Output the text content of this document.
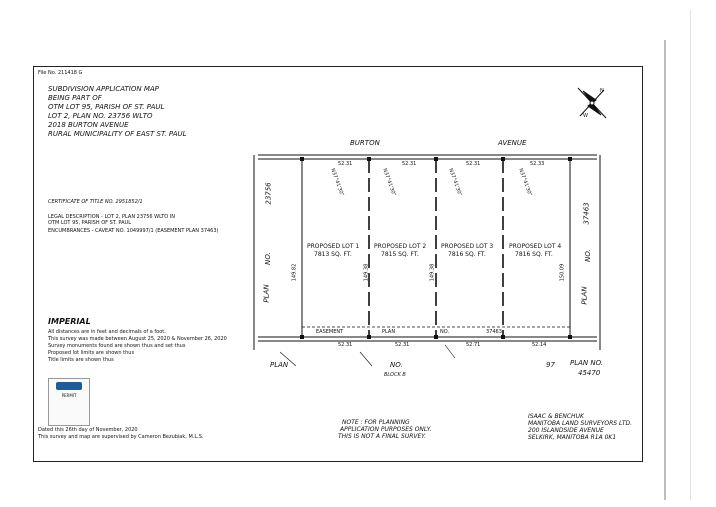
File No. 211418 G
SUBDIVISION APPLICATION MAP
BEING PART OF
OTM LOT 95, PARISH OF ST. PAUL
LOT 2, PLAN NO. 23756 WLTO
2018 BURTON AVENUE
RURAL MUNICIPALITY OF EAST ST. PAUL
N
W
BURTON	AVENUE
52.31	52.31	52.31	52.33
N37°41'30"	N37°41'30"	N37°41'30"	N37°41'30"
149.82	149.38	149.38	150.09
PROPOSED LOT 1
7813 SQ. FT.
PROPOSED LOT 2
7815 SQ. FT.
PROPOSED LOT 3
7816 SQ. FT.
PROPOSED LOT 4
7816 SQ. FT.
52.31	52.31	52.71	52.14
EASEMENT	PLAN	NO.	37463
23756
NO.
PLAN
37463
NO.
PLAN
PLAN	NO.
BLOCK B
97 PLAN NO.
45470
CERTIFICATE OF TITLE NO. 2951852/1
LEGAL DESCRIPTION - LOT 2, PLAN 23756 WLTO IN
OTM LOT 95, PARISH OF ST. PAUL
ENCUMBRANCES - CAVEAT NO. 1049997/1 (EASEMENT PLAN 37463)
IMPERIAL
All distances are in feet and decimals of a foot.
This survey was made between August 25, 2020 & November 26, 2020
Survey monuments found are shown thus and set thus
Proposed lot limits are shown thus
Title limits are shown thus
PERMIT
Dated this 26th day of November, 2020
This survey and map are supervised by Cameron Bezubiak, M.L.S.
NOTE : FOR PLANNING
APPLICATION PURPOSES ONLY.
THIS IS NOT A FINAL SURVEY.
ISAAC & BENCHUK
MANITOBA LAND SURVEYORS LTD.
200 ISLANDSIDE AVENUE
SELKIRK, MANITOBA R1A 0K1
